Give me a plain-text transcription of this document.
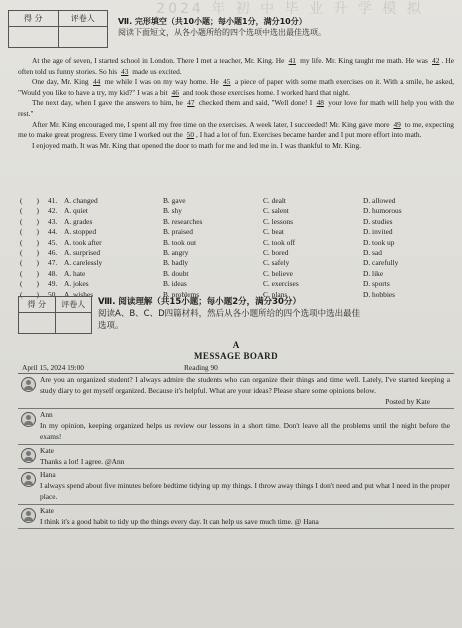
2024 年 初 中 毕 业 升 学 模 拟
得 分	评卷人
		Ⅶ. 完形填空（共10小题；每小题1分，满分10分）
阅读下面短文，从各小题所给的四个选项中选出最佳选项。

At the age of seven, I started school in London. There I met a teacher, Mr. King. He 41 my life. Mr. King taught me math. He was 42 . He often told us funny stories. So his 43 made us excited.

One day, Mr. King 44 me while I was on my way home. He 45 a piece of paper with some math exercises on it. With a smile, he asked, "Would you like to have a try, my kid?" I was a bit 46 and took those exercises home. I worked hard that night.

The next day, when I gave the answers to him, he 47 checked them and said, "Well done! I 48 your love for math will help you with the rest."

After Mr. King encouraged me, I spent all my free time on the exercises. A week later, I succeeded! Mr. King gave more 49 to me, expecting me to make great progress. Every time I worked out the 50 , I had a lot of fun. Exercises became harder and I put more effort into math.

I enjoyed math. It was Mr. King that opened the door to math for me and led me in. I was thankful to Mr. King.

( )	41. A. changed	B. gave	C. dealt	D. allowed
( )	42. A. quiet	B. shy	C. salent	D. humorous
( )	43. A. grades	B. researches	C. lessons	D. studies
( )	44. A. stopped	B. praised	C. beat	D. invited
( )	45. A. took after	B. took out	C. took off	D. took up
( )	46. A. surprised	B. angry	C. bored	D. sad
( )	47. A. carelessly	B. badly	C. safely	D. carefully
( )	48. A. hate	B. doubt	C. believe	D. like
( )	49. A. jokes	B. ideas	C. exercises	D. sports
( )	50. A. wishes	B. problems	C. plans	D. hobbies
得 分	评卷人
	Ⅷ. 阅读理解（共15小题；每小题2分，满分30分）
阅读A、B、C、D四篇材料，然后从各小题所给的四个选项中选出最佳
选项。
A
MESSAGE BOARD
April 15, 2024 19:00	Reading 90
Are you an organized student? I always admire the students who can organize their things and time well. Lately, I've started keeping a study diary to get myself organized. Because it's helpful. What are your ideas? Please share some opinions below.
Posted by Kate
Ann
In my opinion, keeping organized helps us review our lessons in a short time. Don't leave all the problems until the night before the exams!
Kate
Thanks a lot! I agree. @Ann
Hana
I always spend about five minutes before bedtime tidying up my things. I throw away things I don't need and put what I need in the proper place.
Kate
I think it's a good habit to tidy up the things every day. It can help us save much time. @ Hana
